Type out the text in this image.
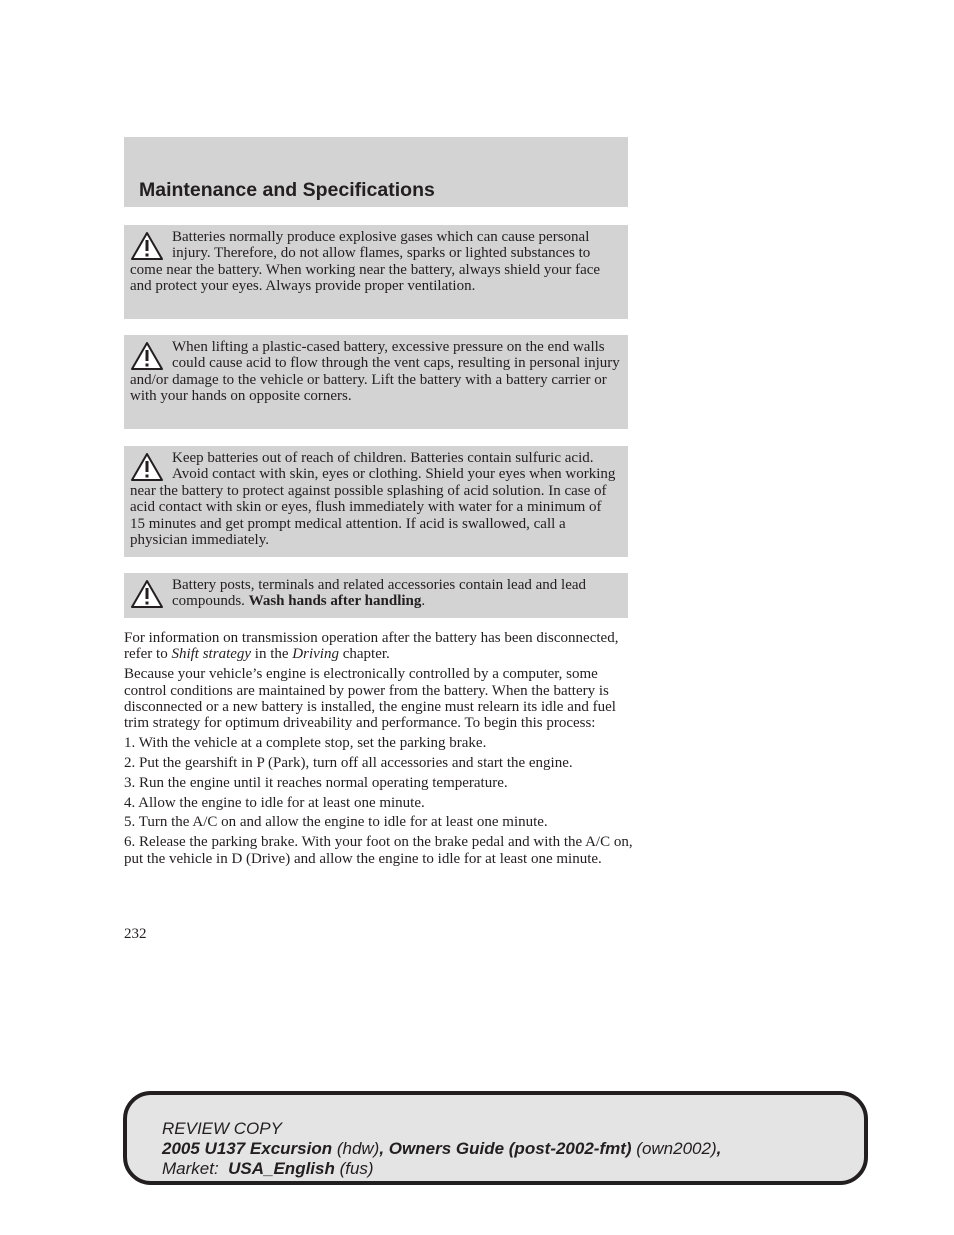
Maintenance and Specifications
Batteries normally produce explosive gases which can cause personal injury. Therefore, do not allow flames, sparks or lighted substances to come near the battery. When working near the battery, always shield your face and protect your eyes. Always provide proper ventilation.
When lifting a plastic-cased battery, excessive pressure on the end walls could cause acid to flow through the vent caps, resulting in personal injury and/or damage to the vehicle or battery. Lift the battery with a battery carrier or with your hands on opposite corners.
Keep batteries out of reach of children. Batteries contain sulfuric acid. Avoid contact with skin, eyes or clothing. Shield your eyes when working near the battery to protect against possible splashing of acid solution. In case of acid contact with skin or eyes, flush immediately with water for a minimum of 15 minutes and get prompt medical attention. If acid is swallowed, call a physician immediately.
Battery posts, terminals and related accessories contain lead and lead compounds. Wash hands after handling.

For information on transmission operation after the battery has been disconnected, refer to Shift strategy in the Driving chapter.

Because your vehicle’s engine is electronically controlled by a computer, some control conditions are maintained by power from the battery. When the battery is disconnected or a new battery is installed, the engine must relearn its idle and fuel trim strategy for optimum driveability and performance. To begin this process:

1. With the vehicle at a complete stop, set the parking brake.

2. Put the gearshift in P (Park), turn off all accessories and start the engine.

3. Run the engine until it reaches normal operating temperature.

4. Allow the engine to idle for at least one minute.

5. Turn the A/C on and allow the engine to idle for at least one minute.

6. Release the parking brake. With your foot on the brake pedal and with the A/C on, put the vehicle in D (Drive) and allow the engine to idle for at least one minute.

232
REVIEW COPY
2005 U137 Excursion (hdw), Owners Guide (post-2002-fmt) (own2002),
Market:  USA_English (fus)
